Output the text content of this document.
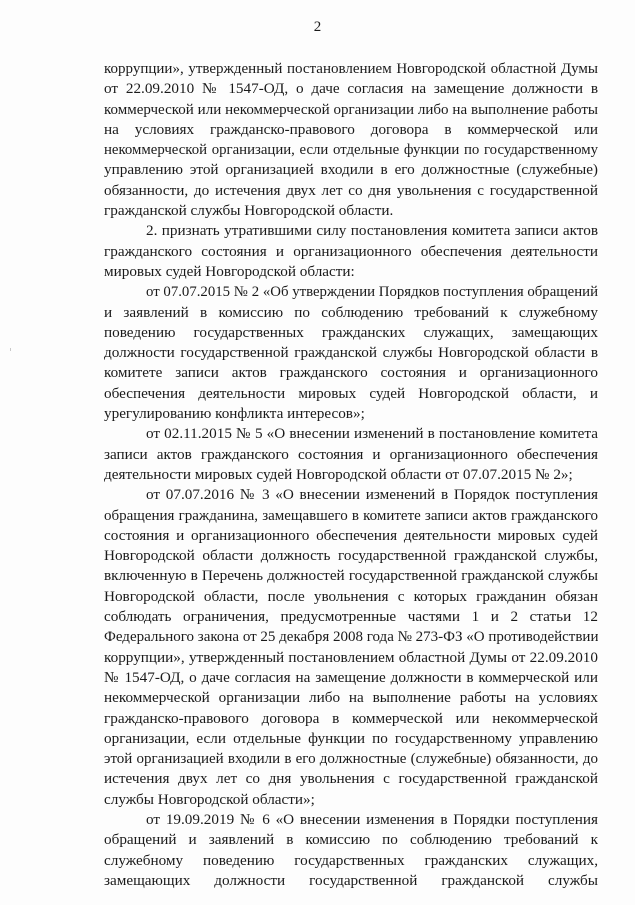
2
коррупции», утвержденный постановлением Новгородской областной Думы
от 22.09.2010 № 1547-ОД, о даче согласия на замещение должности в
коммерческой или некоммерческой организации либо на выполнение работы
на условиях гражданско-правового договора в коммерческой или
некоммерческой организации, если отдельные функции по государственному
управлению этой организацией входили в его должностные (служебные)
обязанности, до истечения двух лет со дня увольнения с государственной
гражданской службы Новгородской области.
2. признать утратившими силу постановления комитета записи актов
гражданского состояния и организационного обеспечения деятельности
мировых судей Новгородской области:
от 07.07.2015 № 2 «Об утверждении Порядков поступления обращений
и заявлений в комиссию по соблюдению требований к служебному
поведению государственных гражданских служащих, замещающих
должности государственной гражданской службы Новгородской области в
комитете записи актов гражданского состояния и организационного
обеспечения деятельности мировых судей Новгородской области, и
урегулированию конфликта интересов»;
от 02.11.2015 № 5 «О внесении изменений в постановление комитета
записи актов гражданского состояния и организационного обеспечения
деятельности мировых судей Новгородской области от 07.07.2015 № 2»;
от 07.07.2016 № 3 «О внесении изменений в Порядок поступления
обращения гражданина, замещавшего в комитете записи актов гражданского
состояния и организационного обеспечения деятельности мировых судей
Новгородской области должность государственной гражданской службы,
включенную в Перечень должностей государственной гражданской службы
Новгородской области, после увольнения с которых гражданин обязан
соблюдать ограничения, предусмотренные частями 1 и 2 статьи 12
Федерального закона от 25 декабря 2008 года № 273-ФЗ «О противодействии
коррупции», утвержденный постановлением областной Думы от 22.09.2010
№ 1547-ОД, о даче согласия на замещение должности в коммерческой или
некоммерческой организации либо на выполнение работы на условиях
гражданско-правового договора в коммерческой или некоммерческой
организации, если отдельные функции по государственному управлению
этой организацией входили в его должностные (служебные) обязанности, до
истечения двух лет со дня увольнения с государственной гражданской
службы Новгородской области»;
от 19.09.2019 № 6 «О внесении изменения в Порядки поступления
обращений и заявлений в комиссию по соблюдению требований к
служебному поведению государственных гражданских служащих,
замещающих должности государственной гражданской службы
